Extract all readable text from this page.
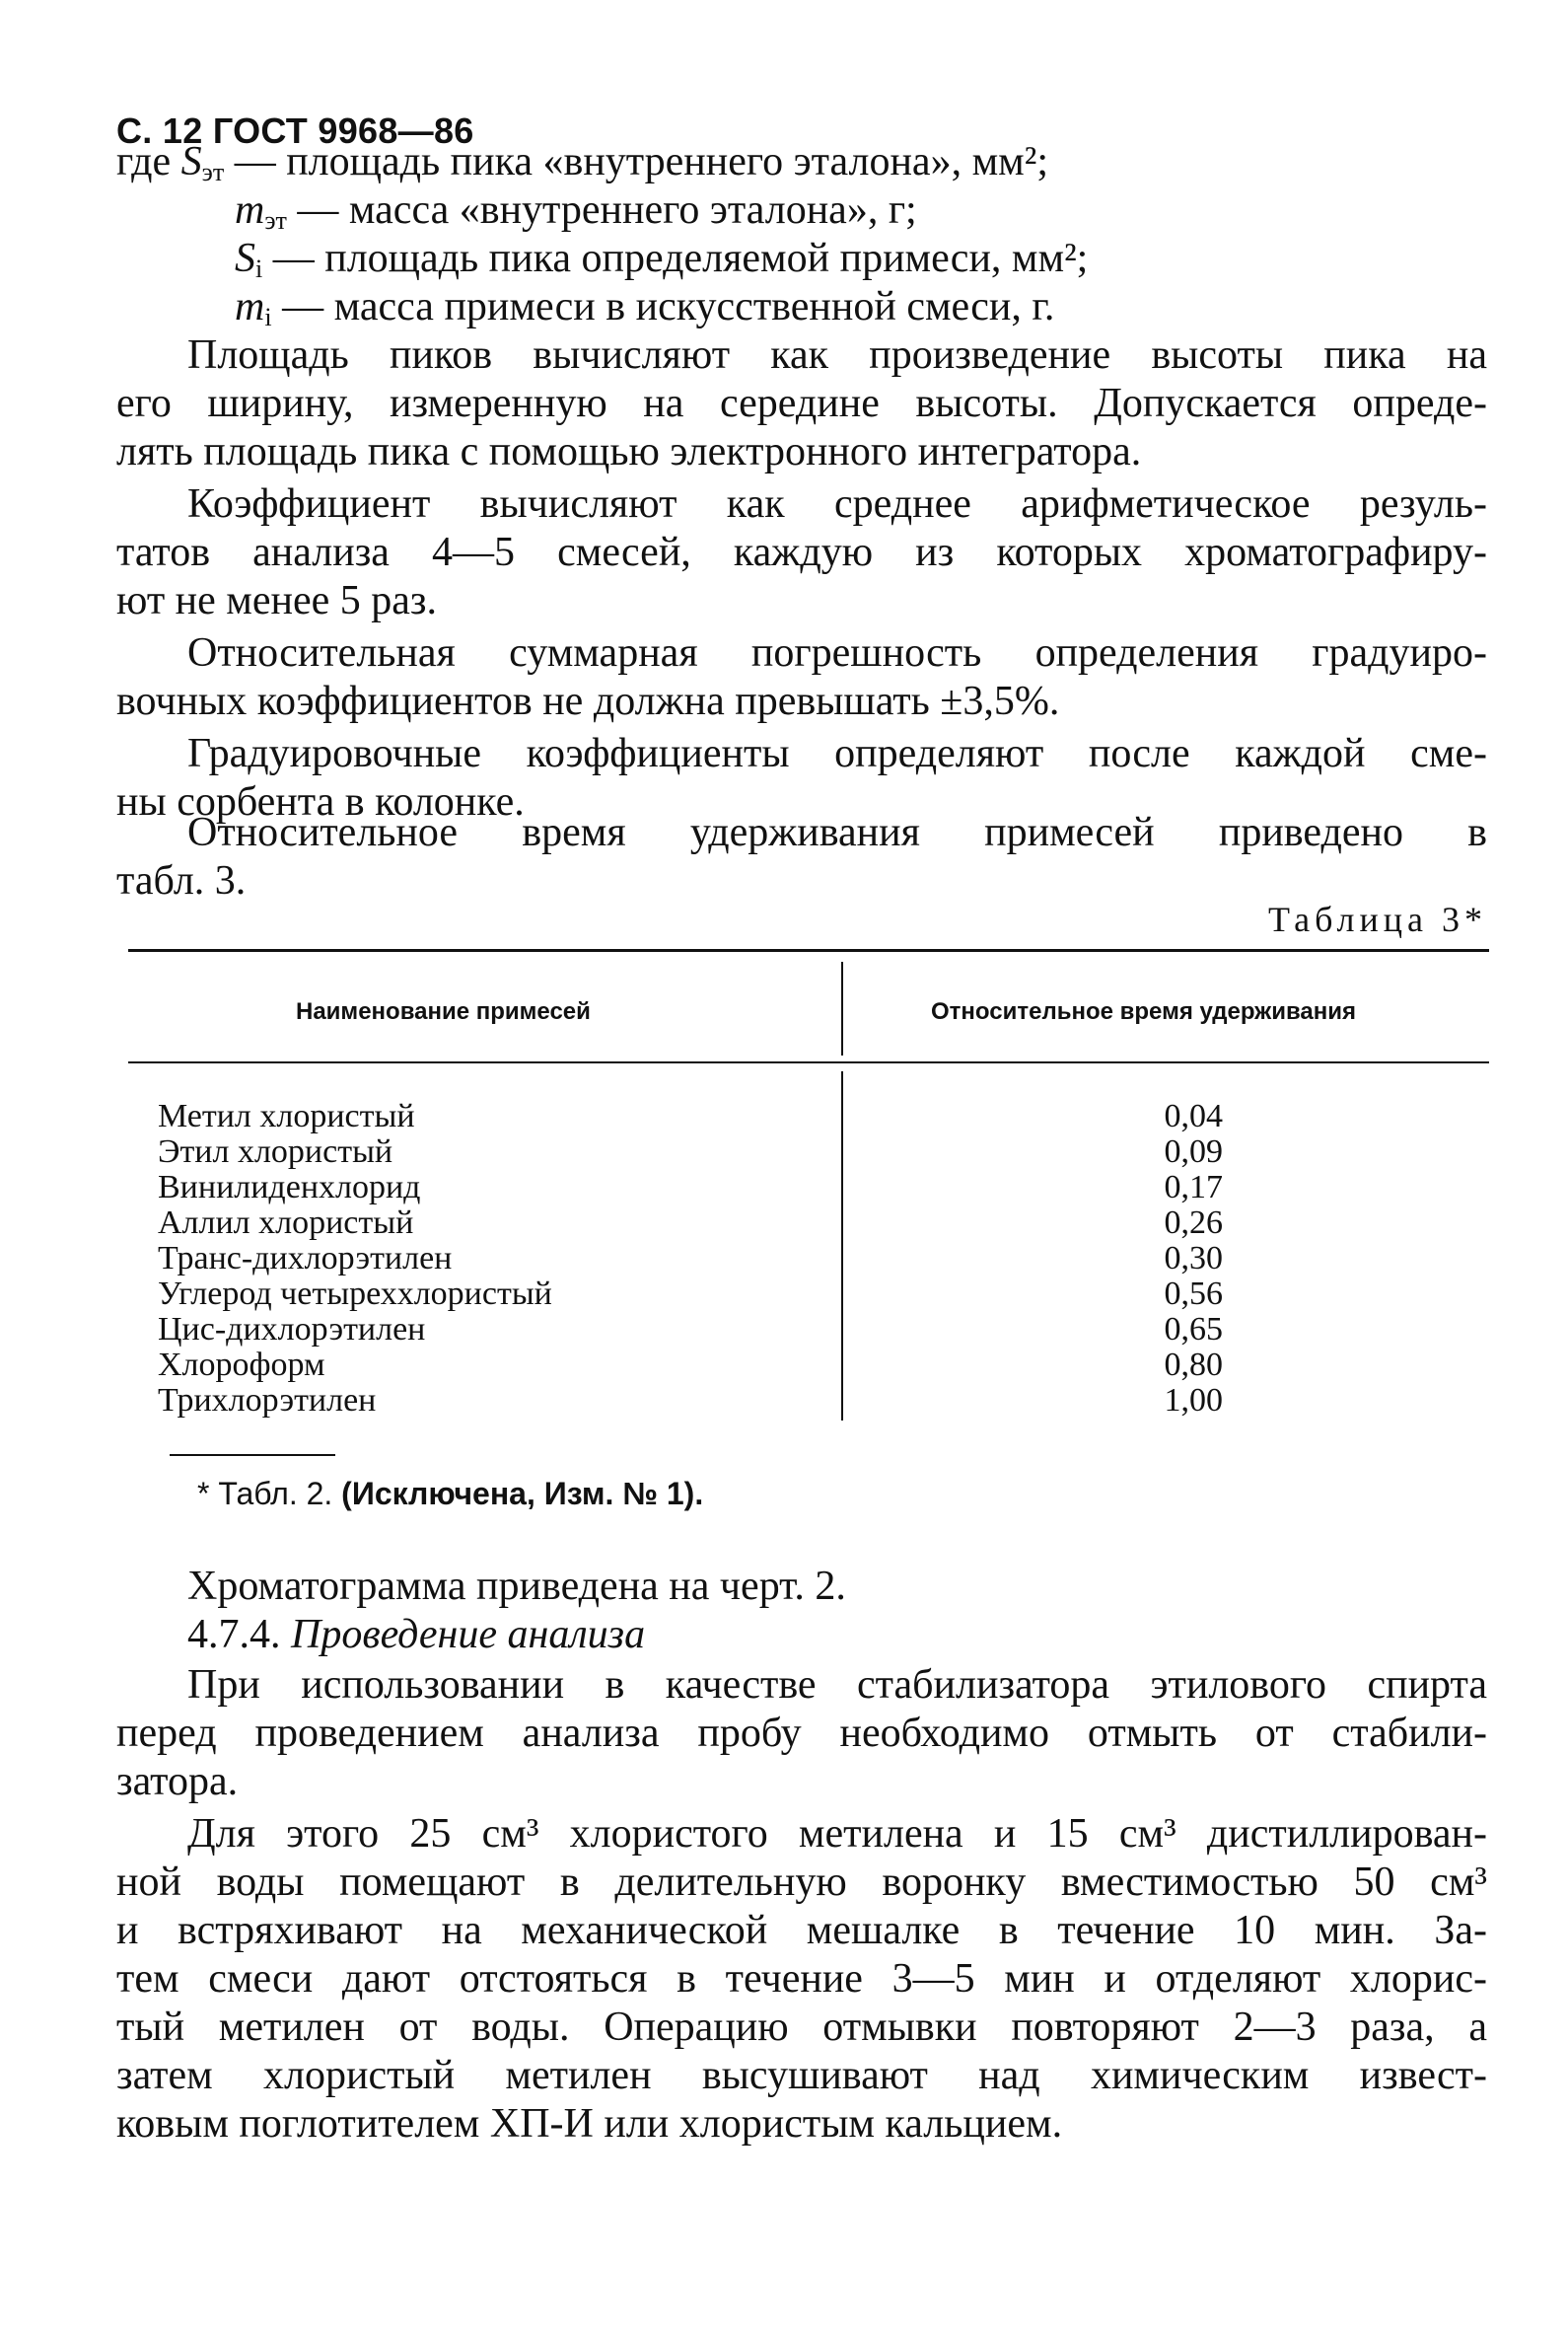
С. 12 ГОСТ 9968—86
где $S_{эт}$ — площадь пика «внутреннего эталона», мм²;
$m_{эт}$ — масса «внутреннего эталона», г;
$S_i$ — площадь пика определяемой примеси, мм²;
$m_i$ — масса примеси в искусственной смеси, г.
Площадь пиков вычисляют как произведение высоты пика на
его ширину, измеренную на середине высоты. Допускается опреде-
лять площадь пика с помощью электронного интегратора.
Коэффициент вычисляют как среднее арифметическое резуль-
татов анализа 4—5 смесей, каждую из которых хроматографиру-
ют не менее 5 раз.
Относительная суммарная погрешность определения градуиро-
вочных коэффициентов не должна превышать ±3,5%.
Градуировочные коэффициенты определяют после каждой сме-
ны сорбента в колонке.
Относительное время удерживания примесей приведено в
табл. 3.
Таблица 3*
Наименование примесей	Относительное время удерживания
Метил хлористый
Этил хлористый
Винилиденхлорид
Аллил хлористый
Транс-дихлорэтилен
Углерод четыреххлористый
Цис-дихлорэтилен
Хлороформ
Трихлорэтилен
0,04
0,09
0,17
0,26
0,30
0,56
0,65
0,80
1,00
* Табл. 2. (Исключена, Изм. № 1).
Хроматограмма приведена на черт. 2.
4.7.4. Проведение анализа
При использовании в качестве стабилизатора этилового спирта
перед проведением анализа пробу необходимо отмыть от стабили-
затора.
Для этого 25 см³ хлористого метилена и 15 см³ дистиллирован-
ной воды помещают в делительную воронку вместимостью 50 см³
и встряхивают на механической мешалке в течение 10 мин. За-
тем смеси дают отстояться в течение 3—5 мин и отделяют хлорис-
тый метилен от воды. Операцию отмывки повторяют 2—3 раза, а
затем хлористый метилен высушивают над химическим извест-
ковым поглотителем ХП-И или хлористым кальцием.
